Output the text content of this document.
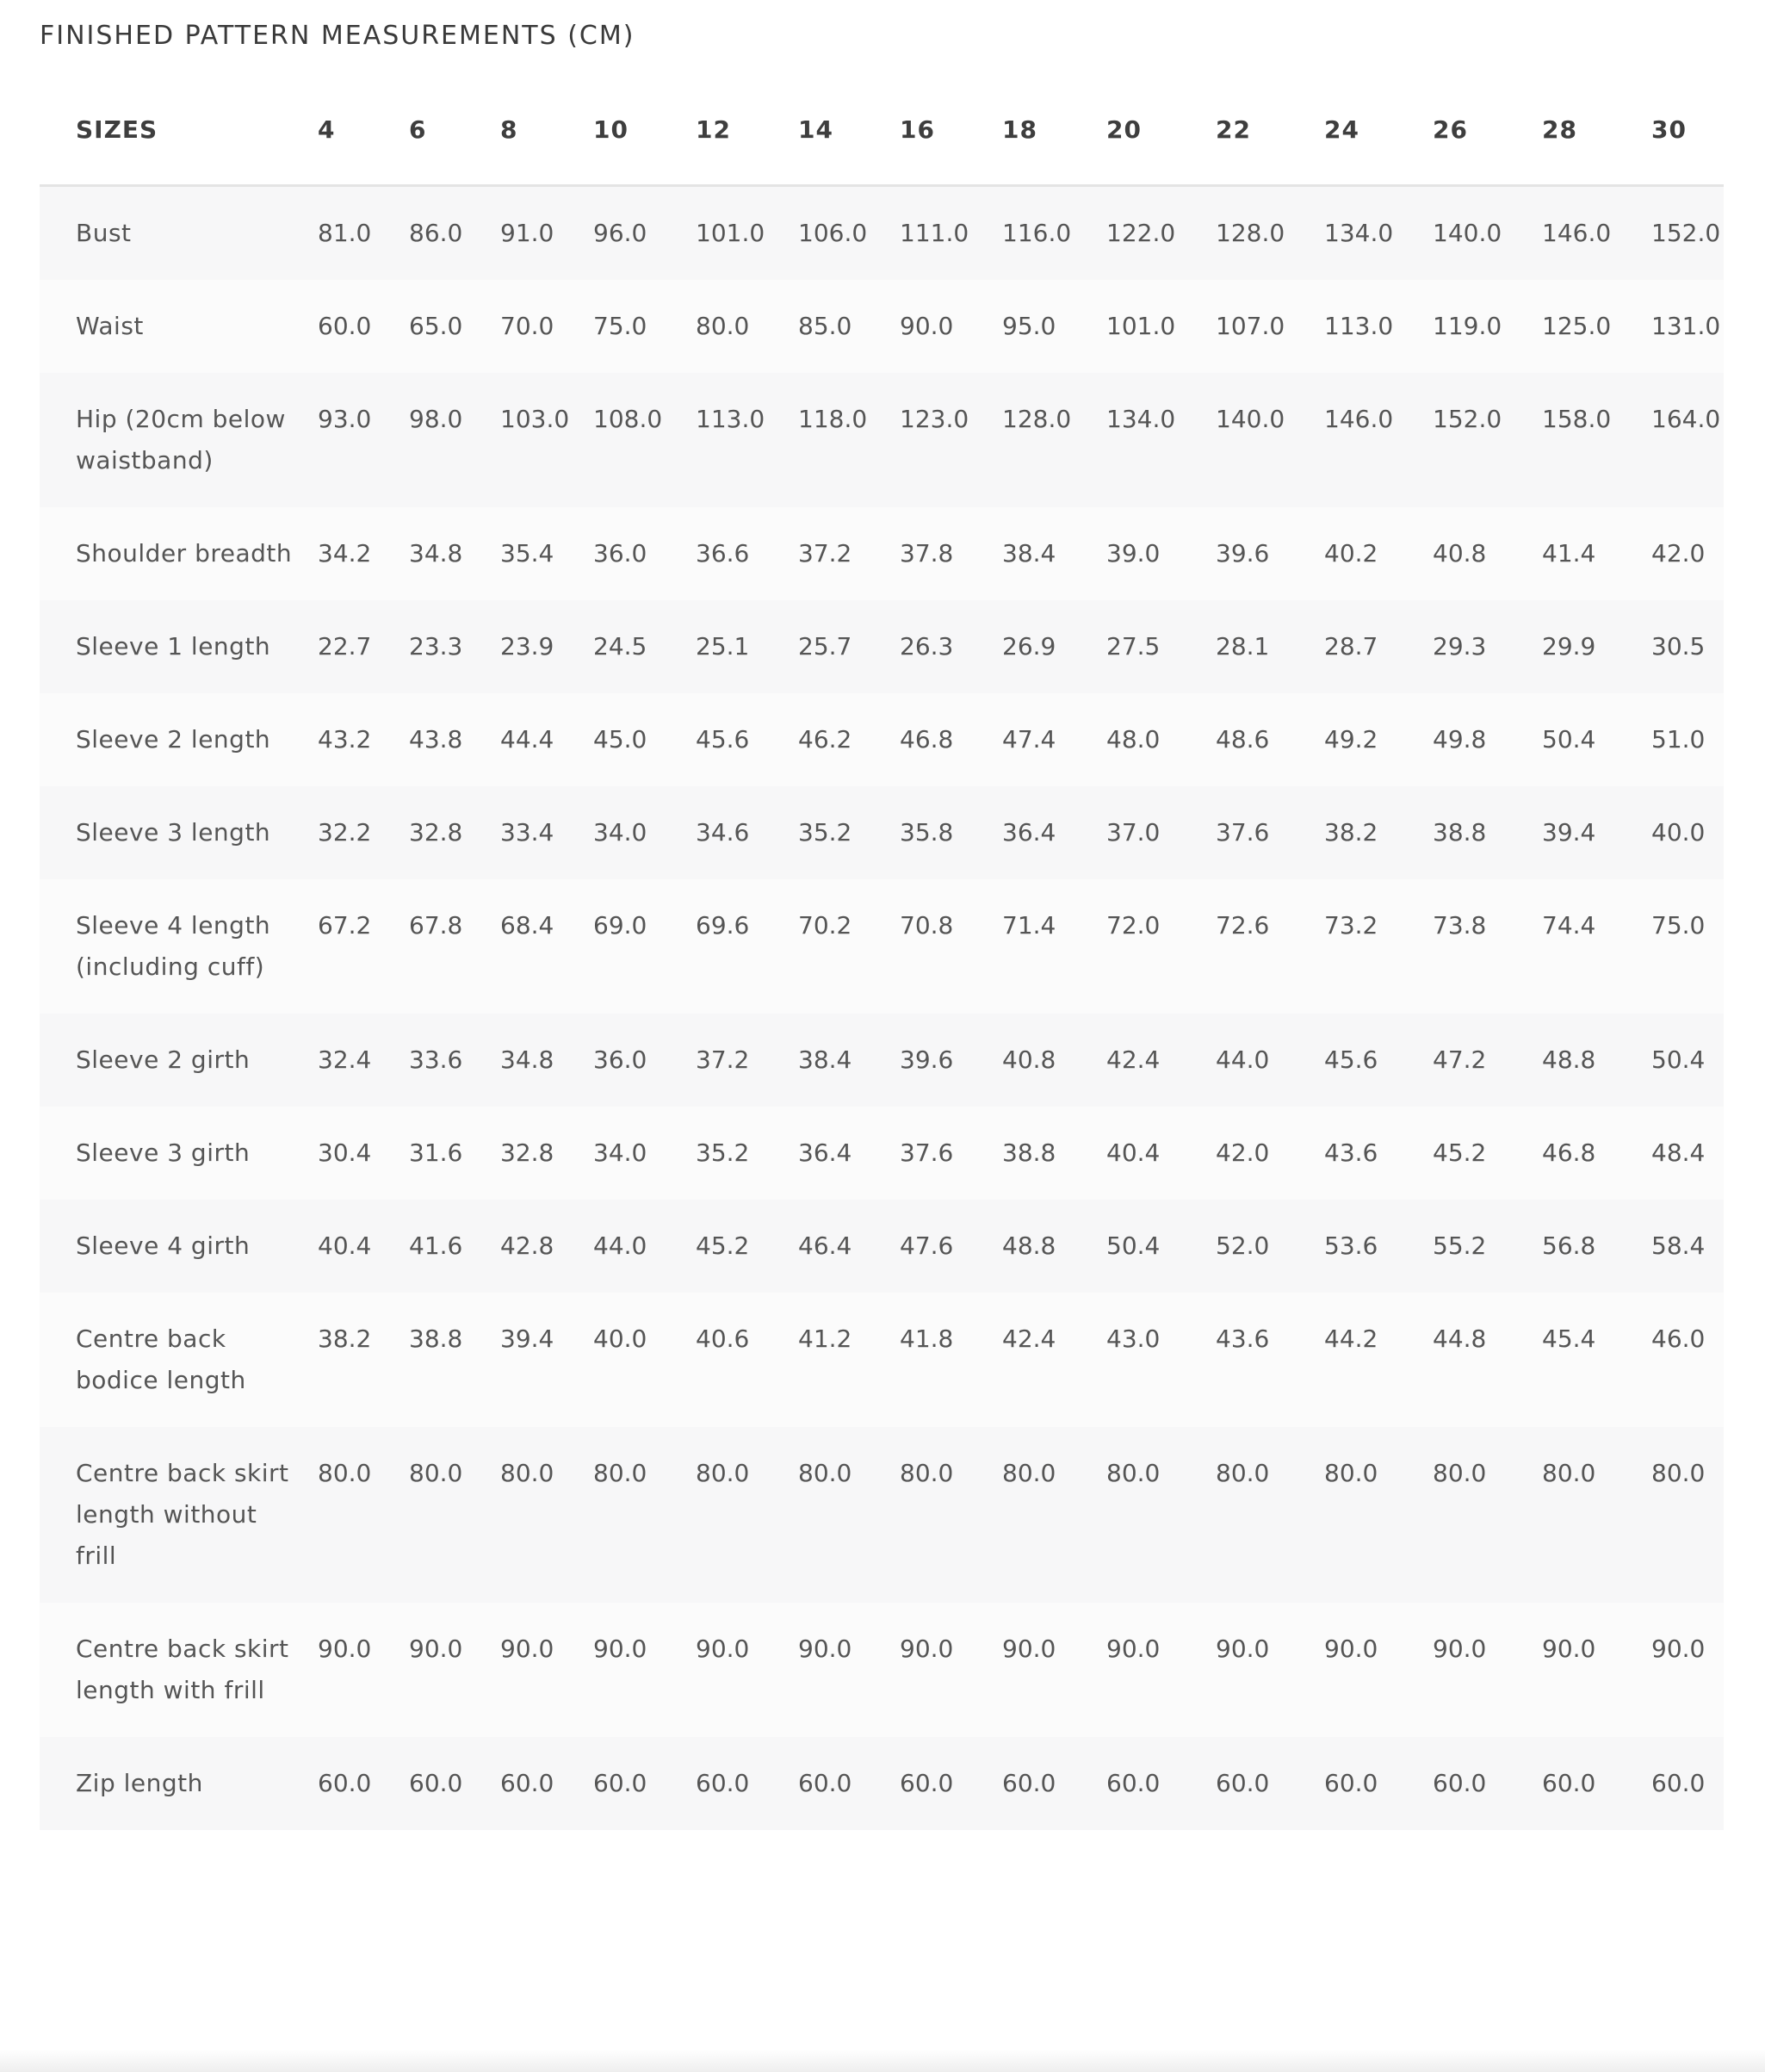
FINISHED PATTERN MEASUREMENTS (CM)
SIZES	4	6	8	10	12	14	16	18	20	22	24	26	28	30
Bust	81.0	86.0	91.0	96.0	101.0	106.0	111.0	116.0	122.0	128.0	134.0	140.0	146.0	152.0
Waist	60.0	65.0	70.0	75.0	80.0	85.0	90.0	95.0	101.0	107.0	113.0	119.0	125.0	131.0
Hip (20cm below waistband)	93.0	98.0	103.0	108.0	113.0	118.0	123.0	128.0	134.0	140.0	146.0	152.0	158.0	164.0
Shoulder breadth	34.2	34.8	35.4	36.0	36.6	37.2	37.8	38.4	39.0	39.6	40.2	40.8	41.4	42.0
Sleeve 1 length	22.7	23.3	23.9	24.5	25.1	25.7	26.3	26.9	27.5	28.1	28.7	29.3	29.9	30.5
Sleeve 2 length	43.2	43.8	44.4	45.0	45.6	46.2	46.8	47.4	48.0	48.6	49.2	49.8	50.4	51.0
Sleeve 3 length	32.2	32.8	33.4	34.0	34.6	35.2	35.8	36.4	37.0	37.6	38.2	38.8	39.4	40.0
Sleeve 4 length (including cuff)	67.2	67.8	68.4	69.0	69.6	70.2	70.8	71.4	72.0	72.6	73.2	73.8	74.4	75.0
Sleeve 2 girth	32.4	33.6	34.8	36.0	37.2	38.4	39.6	40.8	42.4	44.0	45.6	47.2	48.8	50.4
Sleeve 3 girth	30.4	31.6	32.8	34.0	35.2	36.4	37.6	38.8	40.4	42.0	43.6	45.2	46.8	48.4
Sleeve 4 girth	40.4	41.6	42.8	44.0	45.2	46.4	47.6	48.8	50.4	52.0	53.6	55.2	56.8	58.4
Centre back bodice length	38.2	38.8	39.4	40.0	40.6	41.2	41.8	42.4	43.0	43.6	44.2	44.8	45.4	46.0
Centre back skirt length without frill	80.0	80.0	80.0	80.0	80.0	80.0	80.0	80.0	80.0	80.0	80.0	80.0	80.0	80.0
Centre back skirt length with frill	90.0	90.0	90.0	90.0	90.0	90.0	90.0	90.0	90.0	90.0	90.0	90.0	90.0	90.0
Zip length	60.0	60.0	60.0	60.0	60.0	60.0	60.0	60.0	60.0	60.0	60.0	60.0	60.0	60.0
